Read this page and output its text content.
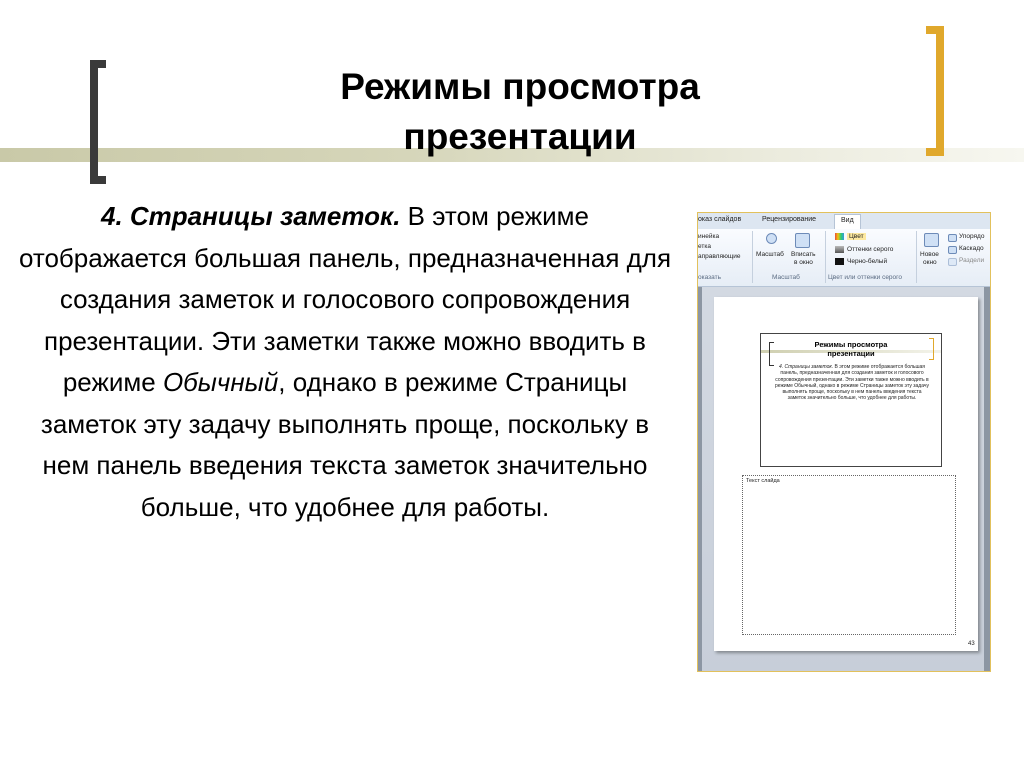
Режимы просмотра
презентации
4. Страницы заметок. В этом режиме отображается большая панель, предназначенная для создания заметок и голосового сопровождения презентации. Эти заметки также можно вводить в режиме Обычный, однако в режиме Страницы заметок эту задачу выполнять проще, поскольку в нем панель введения текста заметок значительно больше, что удобнее для работы.
оказ слайдов	Рецензирование	Вид
инейка
етка
аправляющие
оказать
Масштаб Вписать
в окно
Масштаб
Цвет
Оттенки серого
Черно-белый
Цвет или оттенки серого
Новое
окно
Упорядо
Каскадо
Раздели
Режимы просмотра
презентации
4. Страницы заметок. В этом режиме отображается большая панель, предназначенная для создания заметок и голосового сопровождения презентации. Эти заметки также можно вводить в режиме Обычный, однако в режиме Страницы заметок эту задачу выполнять проще, поскольку в нем панель введения текста заметок значительно больше, что удобнее для работы.
Текст слайда
43
